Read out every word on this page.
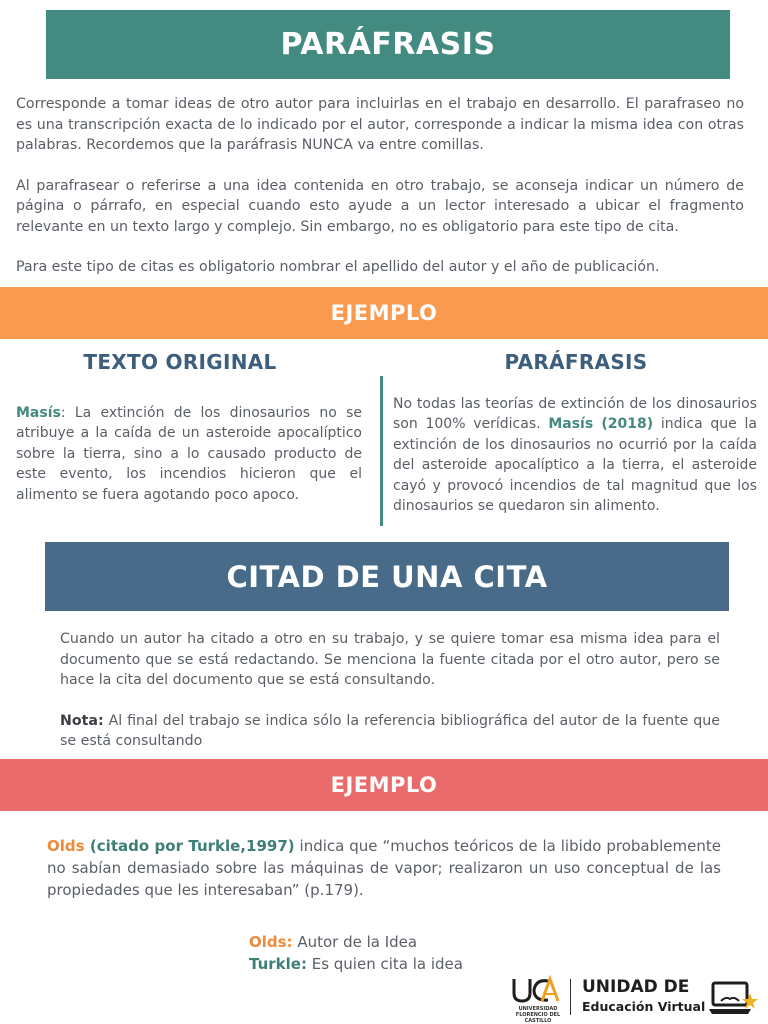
PARÁFRASIS

Corresponde a tomar ideas de otro autor para incluirlas en el trabajo en desarrollo. El parafraseo no es una transcripción exacta de lo indicado por el autor, corresponde a indicar la misma idea con otras palabras. Recordemos que la paráfrasis NUNCA va entre comillas.

Al parafrasear o referirse a una idea contenida en otro trabajo, se aconseja indicar un número de página o párrafo, en especial cuando esto ayude a un lector interesado a ubicar el fragmento relevante en un texto largo y complejo. Sin embargo, no es obligatorio para este tipo de cita.

Para este tipo de citas es obligatorio nombrar el apellido del autor y el año de publicación.

EJEMPLO
TEXTO ORIGINAL	PARÁFRASIS
Masís: La extinción de los dinosaurios no se atribuye a la caída de un asteroide apocalíptico sobre la tierra, sino a lo causado producto de este evento, los incendios hicieron que el alimento se fuera agotando poco apoco.
No todas las teorías de extinción de los dinosaurios son 100% verídicas. Masís (2018) indica que la extinción de los dinosaurios no ocurrió por la caída del asteroide apocalíptico a la tierra, el asteroide cayó y provocó incendios de tal magnitud que los dinosaurios se quedaron sin alimento.
CITAD DE UNA CITA

Cuando un autor ha citado a otro en su trabajo, y se quiere tomar esa misma idea para el documento que se está redactando. Se menciona la fuente citada por el otro autor, pero se hace la cita del documento que se está consultando.

Nota: Al final del trabajo se indica sólo la referencia bibliográfica del autor de la fuente que se está consultando

EJEMPLO
Olds (citado por Turkle,1997) indica que “muchos teóricos de la libido probablemente no sabían demasiado sobre las máquinas de vapor; realizaron un uso conceptual de las propiedades que les interesaban” (p.179).
Olds: Autor de la Idea
Turkle: Es quien cita la idea
UNIVERSIDAD FLORENCIO DEL CASTILLO
UNIDAD DE
Educación Virtual
